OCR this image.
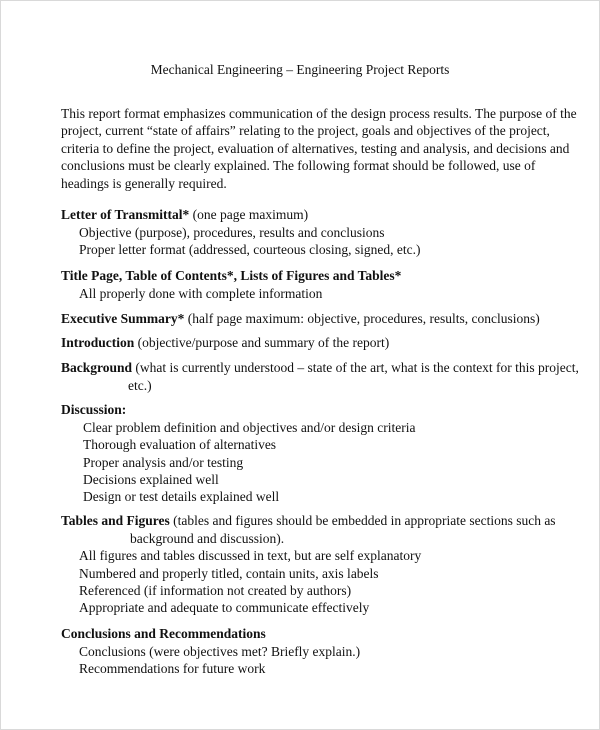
Mechanical Engineering – Engineering Project Reports
This report format emphasizes communication of the design process results. The purpose of the
project, current “state of affairs” relating to the project, goals and objectives of the project,
criteria to define the project, evaluation of alternatives, testing and analysis, and decisions and
conclusions must be clearly explained. The following format should be followed, use of
headings is generally required.
Letter of Transmittal* (one page maximum)
Objective (purpose), procedures, results and conclusions
Proper letter format (addressed, courteous closing, signed, etc.)
Title Page, Table of Contents*, Lists of Figures and Tables*
All properly done with complete information
Executive Summary* (half page maximum: objective, procedures, results, conclusions)
Introduction (objective/purpose and summary of the report)
Background (what is currently understood – state of the art, what is the context for this project,
etc.)
Discussion:
Clear problem definition and objectives and/or design criteria
Thorough evaluation of alternatives
Proper analysis and/or testing
Decisions explained well
Design or test details explained well
Tables and Figures (tables and figures should be embedded in appropriate sections such as
background and discussion).
All figures and tables discussed in text, but are self explanatory
Numbered and properly titled, contain units, axis labels
Referenced (if information not created by authors)
Appropriate and adequate to communicate effectively
Conclusions and Recommendations
Conclusions (were objectives met? Briefly explain.)
Recommendations for future work
